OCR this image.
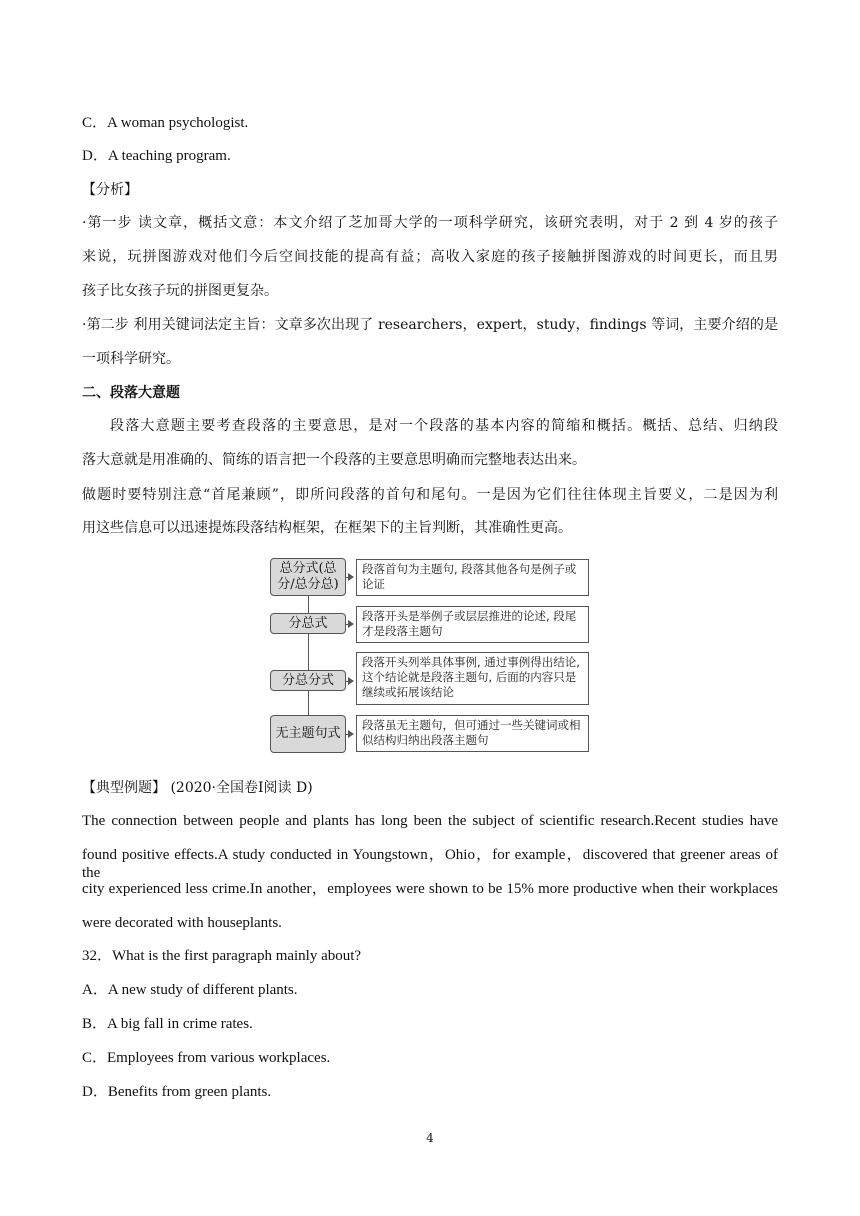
C．A woman psychologist.
D．A teaching program.
【分析】
·第一步 读文章，概括文意：本文介绍了芝加哥大学的一项科学研究，该研究表明，对于 2 到 4 岁的孩子
来说，玩拼图游戏对他们今后空间技能的提高有益；高收入家庭的孩子接触拼图游戏的时间更长，而且男
孩子比女孩子玩的拼图更复杂。
·第二步 利用关键词法定主旨：文章多次出现了 researchers，expert，study，findings 等词，主要介绍的是
一项科学研究。
二、段落大意题
段落大意题主要考查段落的主要意思，是对一个段落的基本内容的简缩和概括。概括、总结、归纳段
落大意就是用准确的、简练的语言把一个段落的主要意思明确而完整地表达出来。
做题时要特别注意“首尾兼顾”，即所问段落的首句和尾句。一是因为它们往往体现主旨要义，二是因为利
用这些信息可以迅速提炼段落结构框架，在框架下的主旨判断，其准确性更高。
总分式(总分/总分总)
段落首句为主题句, 段落其他各句是例子或论证
分总式	段落开头是举例子或层层推进的论述, 段尾才是段落主题句
分总分式
段落开头列举具体事例, 通过事例得出结论, 这个结论就是段落主题句, 后面的内容只是继续或拓展该结论
无主题句式
段落虽无主题句，但可通过一些关键词或相似结构归纳出段落主题句
【典型例题】 (2020·全国卷Ⅰ阅读 D)
The connection between people and plants has long been the subject of scientific research.Recent studies have
found positive effects.A study conducted in Youngstown，Ohio，for example，discovered that greener areas of the
city experienced less crime.In another，employees were shown to be 15% more productive when their workplaces
were decorated with houseplants.
32．What is the first paragraph mainly about?
A．A new study of different plants.
B．A big fall in crime rates.
C．Employees from various workplaces.
D．Benefits from green plants.
4
